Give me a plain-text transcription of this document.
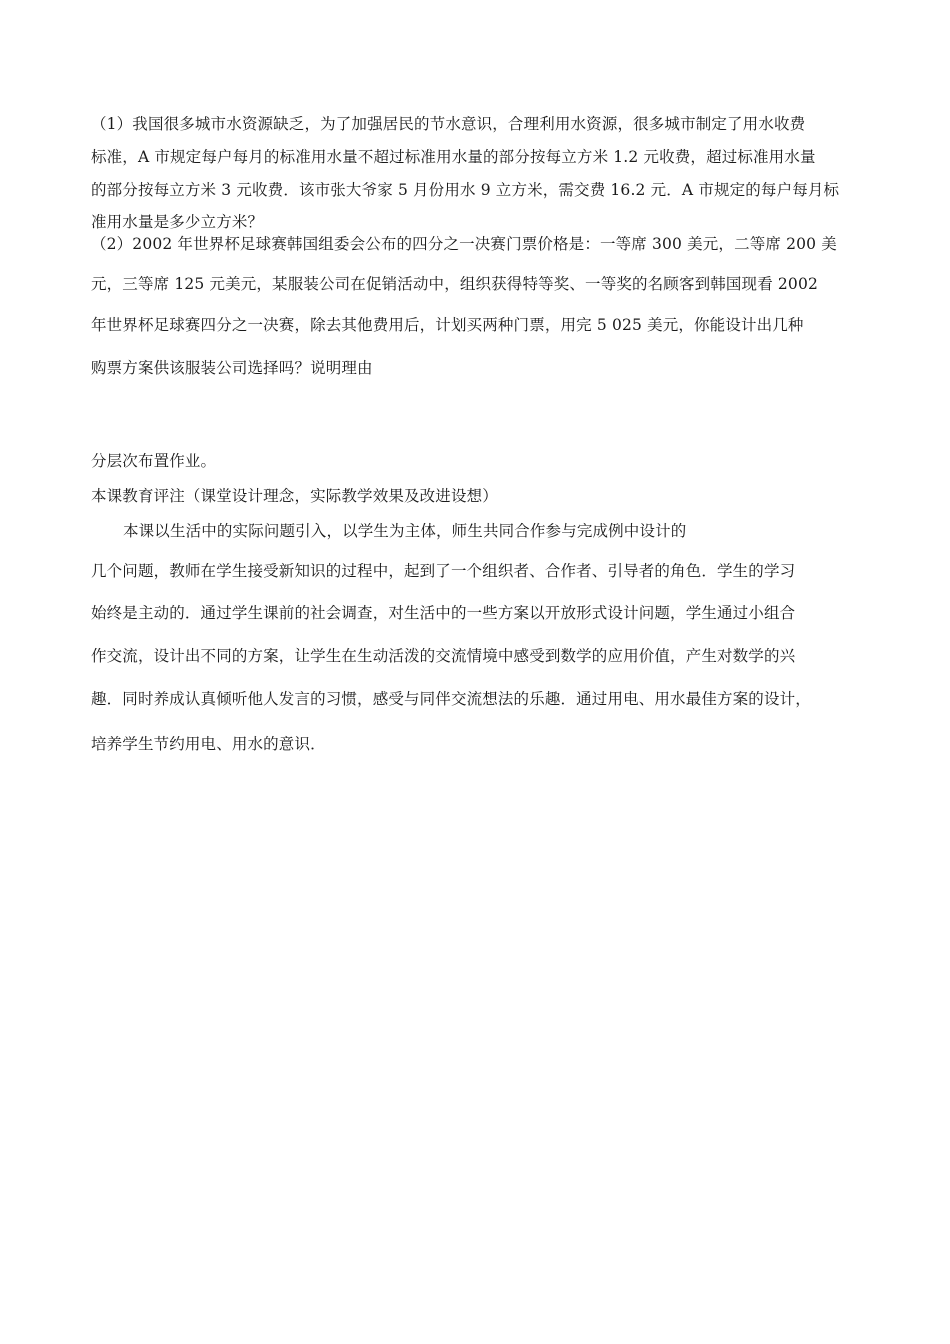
（1）我国很多城市水资源缺乏，为了加强居民的节水意识，合理利用水资源，很多城市制定了用水收费
标准，A 市规定每户每月的标准用水量不超过标准用水量的部分按每立方米 1.2 元收费，超过标准用水量
的部分按每立方米 3 元收费．该市张大爷家 5 月份用水 9 立方米，需交费 16.2 元．A 市规定的每户每月标
准用水量是多少立方米？
（2）2002 年世界杯足球赛韩国组委会公布的四分之一决赛门票价格是：一等席 300 美元，二等席 200 美
元，三等席 125 元美元，某服装公司在促销活动中，组织获得特等奖、一等奖的名顾客到韩国现看 2002
年世界杯足球赛四分之一决赛，除去其他费用后，计划买两种门票，用完 5 025 美元，你能设计出几种
购票方案供该服装公司选择吗？说明理由
分层次布置作业。
本课教育评注（课堂设计理念，实际教学效果及改进设想）
本课以生活中的实际问题引入，以学生为主体，师生共同合作参与完成例中设计的
几个问题，教师在学生接受新知识的过程中，起到了一个组织者、合作者、引导者的角色．学生的学习
始终是主动的．通过学生课前的社会调查，对生活中的一些方案以开放形式设计问题，学生通过小组合
作交流，设计出不同的方案，让学生在生动活泼的交流情境中感受到数学的应用价值，产生对数学的兴
趣．同时养成认真倾听他人发言的习惯，感受与同伴交流想法的乐趣．通过用电、用水最佳方案的设计，
培养学生节约用电、用水的意识．
